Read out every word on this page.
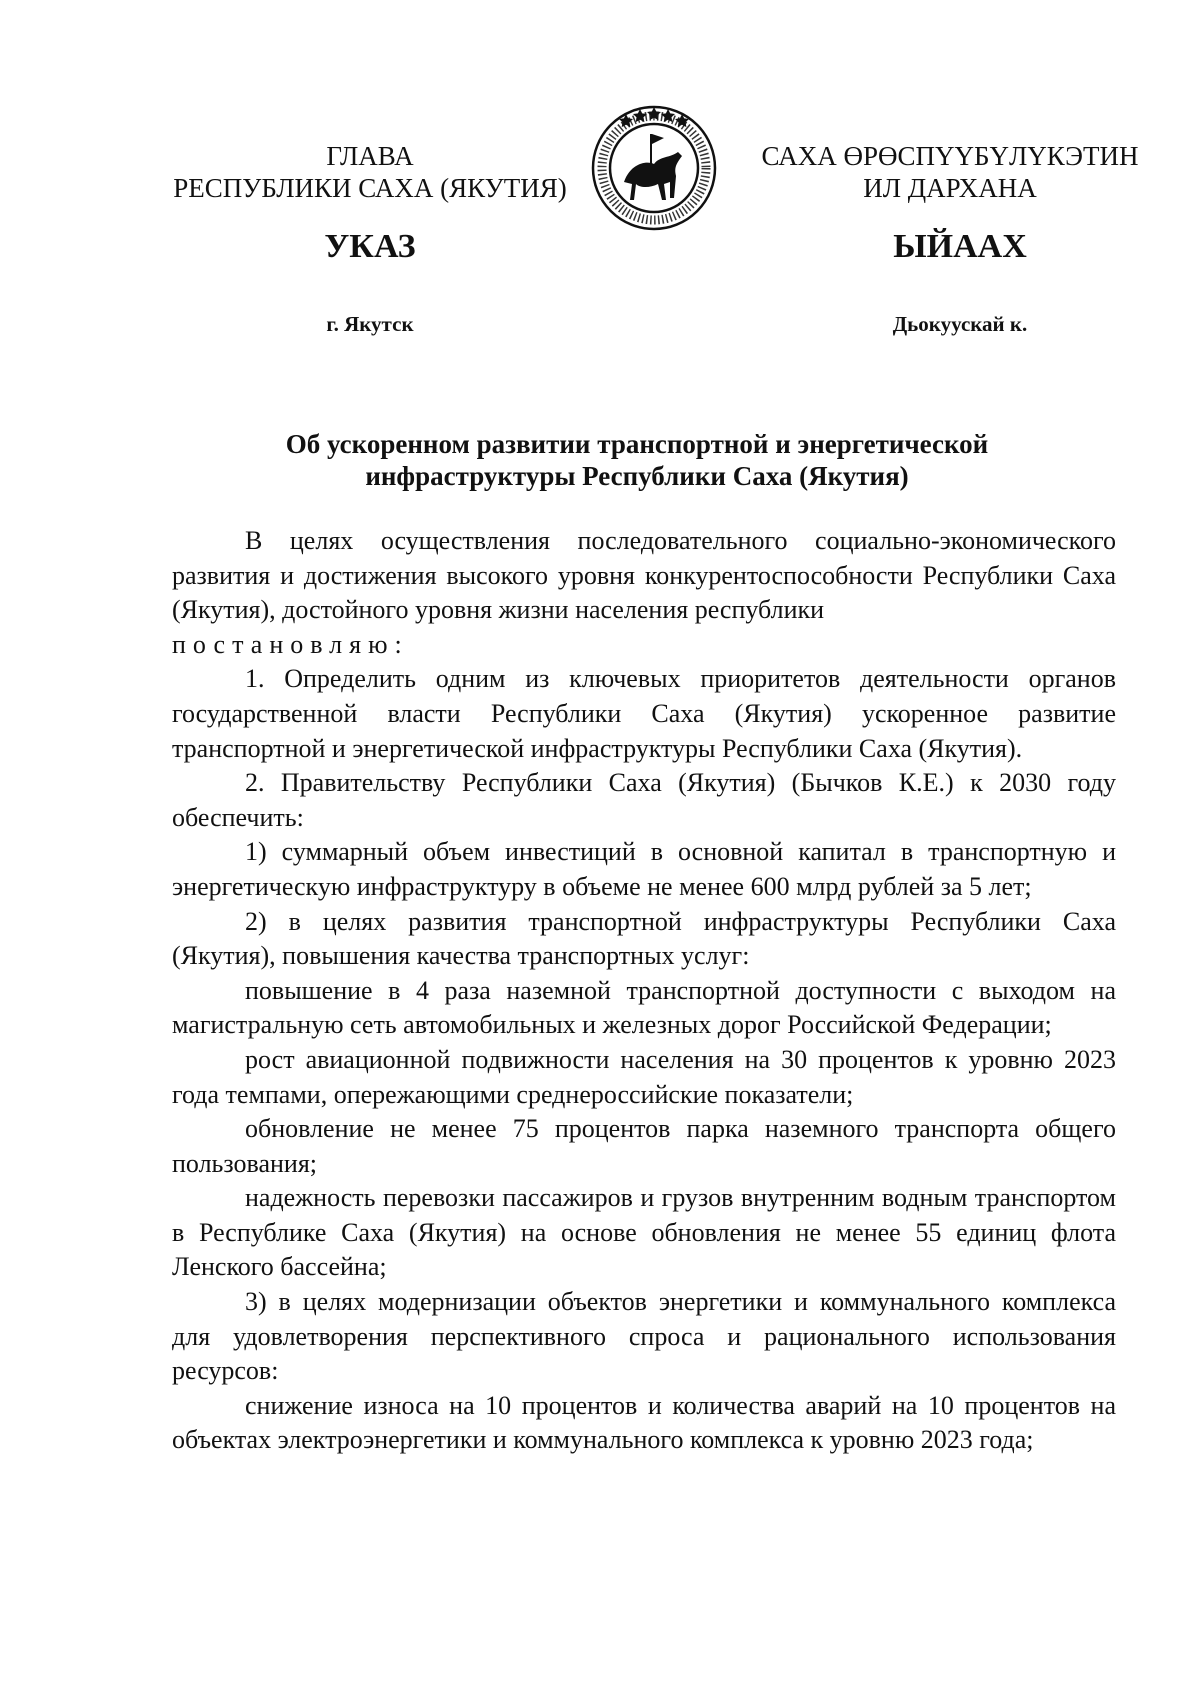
ГЛАВА
РЕСПУБЛИКИ САХА (ЯКУТИЯ)
САХА ӨРӨСПҮҮБҮЛҮКЭТИН
ИЛ ДАРХАНА
УКАЗ	ЫЙААХ
г. Якутск	Дьокуускай к.
Об ускоренном развитии транспортной и энергетической
инфраструктуры Республики Саха (Якутия)

В целях осуществления последовательного социально-экономического развития и достижения высокого уровня конкурентоспособности Республики Саха (Якутия), достойного уровня жизни населения республики

постановляю:

1. Определить одним из ключевых приоритетов деятельности органов государственной власти Республики Саха (Якутия) ускоренное развитие транспортной и энергетической инфраструктуры Республики Саха (Якутия).

2. Правительству Республики Саха (Якутия) (Бычков К.Е.) к 2030 году обеспечить:

1) суммарный объем инвестиций в основной капитал в транспортную и энергетическую инфраструктуру в объеме не менее 600 млрд рублей за 5 лет;

2) в целях развития транспортной инфраструктуры Республики Саха (Якутия), повышения качества транспортных услуг:

повышение в 4 раза наземной транспортной доступности с выходом на магистральную сеть автомобильных и железных дорог Российской Федерации;

рост авиационной подвижности населения на 30 процентов к уровню 2023 года темпами, опережающими среднероссийские показатели;

обновление не менее 75 процентов парка наземного транспорта общего пользования;

надежность перевозки пассажиров и грузов внутренним водным транспортом в Республике Саха (Якутия) на основе обновления не менее 55 единиц флота Ленского бассейна;

3) в целях модернизации объектов энергетики и коммунального комплекса для удовлетворения перспективного спроса и рационального использования ресурсов:

снижение износа на 10 процентов и количества аварий на 10 процентов на объектах электроэнергетики и коммунального комплекса к уровню 2023 года;
